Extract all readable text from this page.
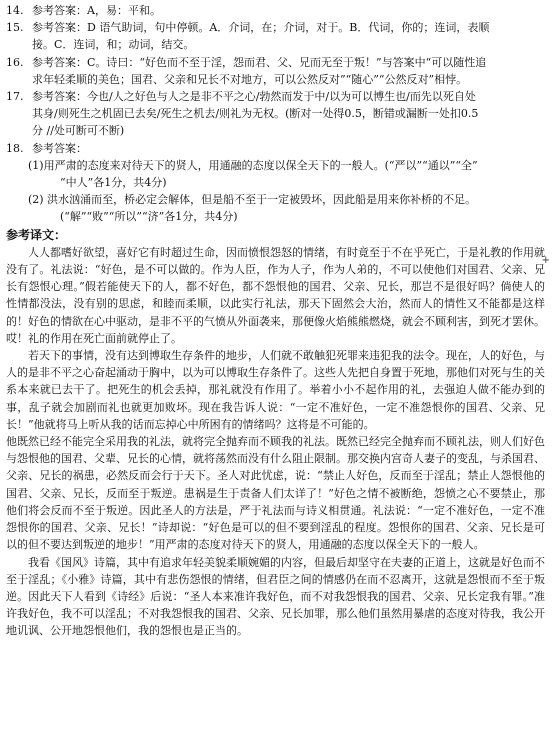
14. 参考答案：A，易：平和。
15. 参考答案：D 语气助词，句中停顿。A．介词，在；介词，对于。B．代词，你的；连词，表顺
接。C．连词，和；动词，结交。
16. 参考答案：C。诗曰：“好色而不至于淫，怨而君、父、兄而无至于叛！”与答案中“可以随性追
求年轻柔顺的美色；国君、父亲和兄长不对地方，可以公然反对”“随心”“公然反对”相悖。
17. 参考答案：今也/人之好色与人之是非不平之心/勃然而发于中/以为可以博生也/而先以死自处
其身/则死生之机固已去矣/死生之机去/则礼为无权。(断对一处得0.5，断错或漏断一处扣0.5
分 //处可断可不断)
18. 参考答案：
(1)用严肃的态度来对待天下的贤人，用通融的态度以保全天下的一般人。(“严以”“通以”“全”
“中人”各1分，共4分)
(2) 洪水汹涌而至，桥必定会解体，但是船不至于一定被毁坏，因此船是用来你补桥的不足。
(“解”“败”“所以”“济”各1分，共4分)
参考译文：
+

人人都嗜好欲望，喜好它有时超过生命，因而愤恨怨怒的情绪，有时竟至于不在乎死亡，于是礼教的作用就没有了。礼法说：“好色，是不可以做的。作为人臣，作为人子，作为人弟的，不可以使他们对国君、父亲、兄长有怨恨心理。”假若能使天下的人，都不好色，都不怨恨他的国君、父亲、兄长，那岂不是很好吗？倘使人的性情都没法，没有别的思虑，和睦而柔顺，以此实行礼法，那天下固然会大治，然而人的情性又不能都是这样的！好色的情欲在心中驱动，是非不平的气愤从外面袭来，那便像火焰熊熊燃烧，就会不顾利害，到死才罢休。哎！礼的作用在死亡面前就停止了。

若天下的事情，没有达到博取生存条件的地步，人们就不敢触犯死罪来违犯我的法令。现在，人的好色，与人的是非不平之心奋起涌动于胸中，以为可以博取生存条件了。这些人先把自身置于死地，那他们对死与生的关系本来就已去干了。把死生的机会丢掉，那礼就没有作用了。举着小小不起作用的礼，去强迫人做不能办到的事，乱子就会加剧而礼也就更加败坏。现在我告诉人说：“一定不准好色，一定不准怨恨你的国君、父亲、兄长！”他就将马上听从我的话而忘掉心中所困有的情绪吗？这将是不可能的。

他既然已经不能完全采用我的礼法，就将完全抛弃而不顾我的礼法。既然已经完全抛弃而不顾礼法，则人们好色与怨恨他的国君、父辈、兄长的心情，就将荡然而没有什么阻止限制。那交换内宫奇人妻子的变乱，与杀国君、父亲、兄长的祸患，必然反而会行于天下。圣人对此忧虑，说：“禁止人好色，反而至于淫乱；禁止人怨恨他的国君、父亲、兄长，反而至于叛逆。患祸是生于责备人们太详了！”好色之情不被断绝，怨愤之心不要禁止，那他们将会反而不至于叛逆。因此圣人的方法是，严于礼法而与诗义相贯通。礼法说：“一定不准好色，一定不准怨恨你的国君、父亲、兄长！”诗却说：“好色是可以的但不要到淫乱的程度。怨恨你的国君、父亲、兄长是可以的但不要达到叛逆的地步！”用严肃的态度对待天下的贤人，用通融的态度以保全天下的一般人。

我看《国风》诗篇，其中有追求年轻美貌柔顺婉媚的内容，但最后却坚守在夫妻的正道上，这就是好色而不至于淫乱；《小雅》诗篇，其中有悲伤怨恨的情绪，但君臣之间的情感仍在而不忍离开，这就是怨恨而不至于叛逆。因此天下人看到《诗经》后说：“圣人本来准许我好色，而不对我怨恨我的国君、父亲、兄长定我有罪。”准许我好色，我不可以淫乱；不对我怨恨我的国君、父亲、兄长加罪，那么他们虽然用暴虐的态度对待我，我公开地讥讽、公开地怨恨他们，我的怨恨也是正当的。
